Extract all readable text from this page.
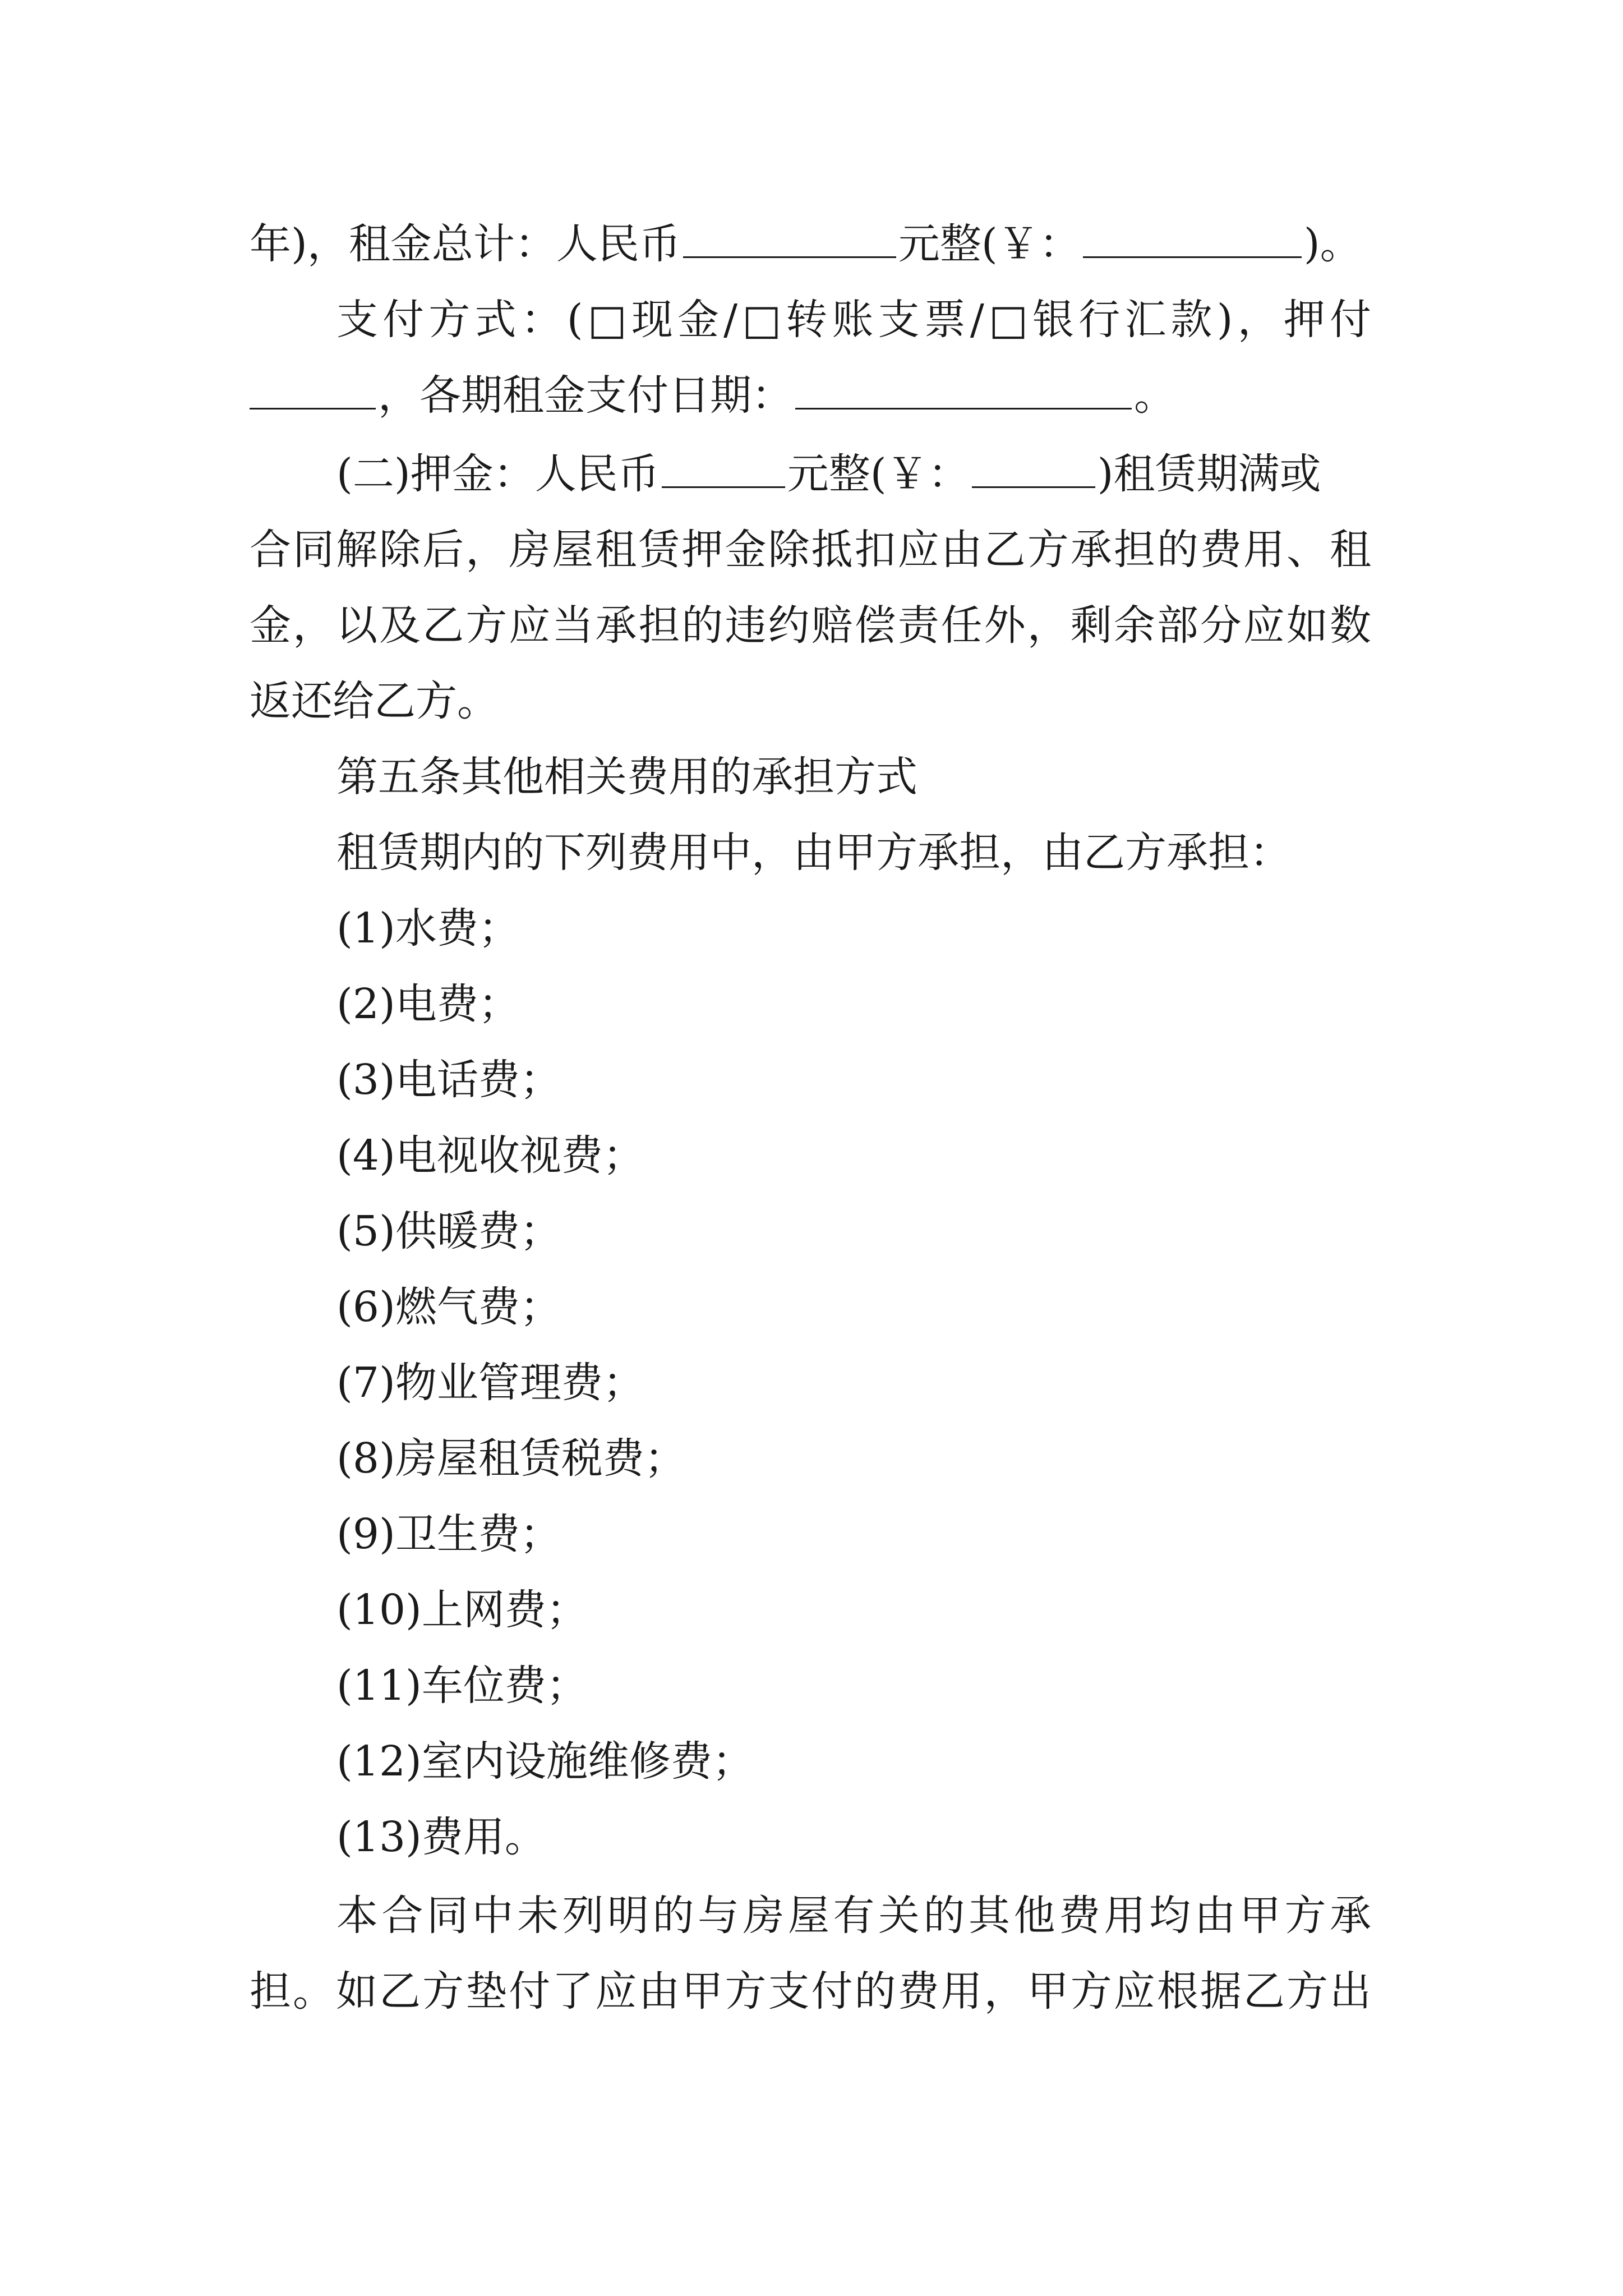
年)，租金总计：人民币	元整(￥：	)。
支付方式：(□现金/□转账支票/□银行汇款)，押付
，各期租金支付日期：	。
(二)押金：人民币	元整(￥：	)租赁期满或
合同解除后，房屋租赁押金除抵扣应由乙方承担的费用、租
金，以及乙方应当承担的违约赔偿责任外，剩余部分应如数
返还给乙方。
第五条其他相关费用的承担方式
租赁期内的下列费用中，由甲方承担，由乙方承担：
(1)水费；
(2)电费；
(3)电话费；
(4)电视收视费；
(5)供暖费；
(6)燃气费；
(7)物业管理费；
(8)房屋租赁税费；
(9)卫生费；
(10)上网费；
(11)车位费；
(12)室内设施维修费；
(13)费用。
本合同中未列明的与房屋有关的其他费用均由甲方承
担。如乙方垫付了应由甲方支付的费用，甲方应根据乙方出
